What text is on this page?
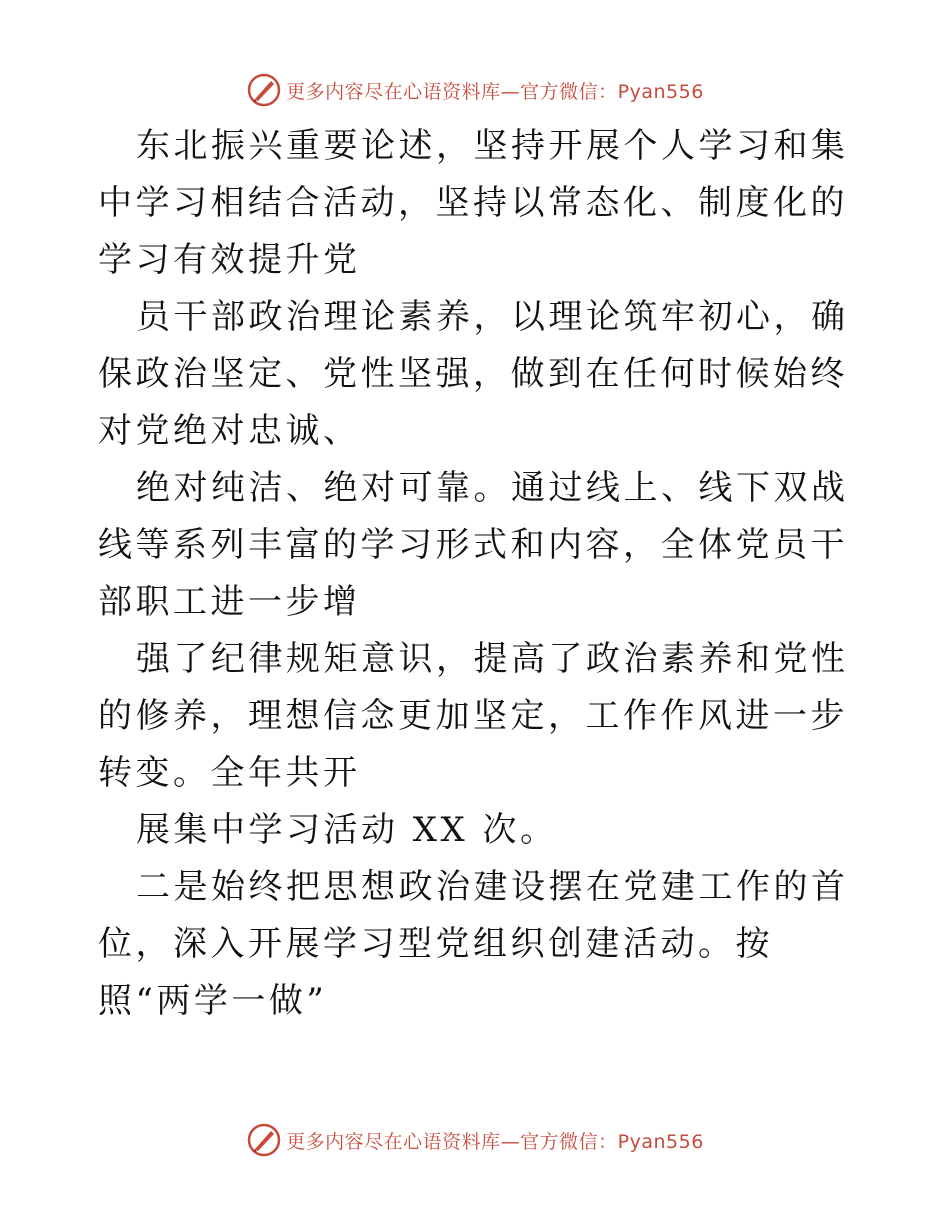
更多内容尽在心语资料库—官方微信：Pyan556

东北振兴重要论述，坚持开展个人学习和集中学习相结合活动，坚持以常态化、制度化的学习有效提升党

员干部政治理论素养，以理论筑牢初心，确保政治坚定、党性坚强，做到在任何时候始终对党绝对忠诚、

绝对纯洁、绝对可靠。通过线上、线下双战线等系列丰富的学习形式和内容，全体党员干部职工进一步增

强了纪律规矩意识，提高了政治素养和党性的修养，理想信念更加坚定，工作作风进一步转变。全年共开

展集中学习活动 XX 次。

二是始终把思想政治建设摆在党建工作的首位，深入开展学习型党组织创建活动。按照“两学一做”

更多内容尽在心语资料库—官方微信：Pyan556
